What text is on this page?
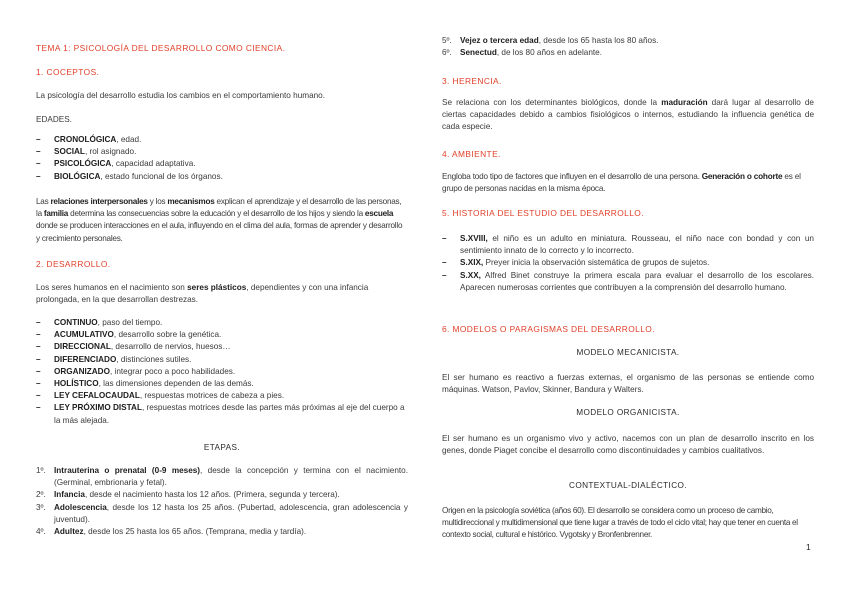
TEMA 1: PSICOLOGÍA DEL DESARROLLO COMO CIENCIA.
1. COCEPTOS.
La psicología del desarrollo estudia los cambios en el comportamiento humano.
EDADES.
– CRONOLÓGICA, edad.
– SOCIAL, rol asignado.
– PSICOLÓGICA, capacidad adaptativa.
– BIOLÓGICA, estado funcional de los órganos.
Las relaciones interpersonales y los mecanismos explican el aprendizaje y el desarrollo de las personas, la familia determina las consecuencias sobre la educación y el desarrollo de los hijos y siendo la escuela donde se producen interacciones en el aula, influyendo en el clima del aula, formas de aprender y desarrollo y crecimiento personales.
2. DESARROLLO.
Los seres humanos en el nacimiento son seres plásticos, dependientes y con una infancia prolongada, en la que desarrollan destrezas.
– CONTINUO, paso del tiempo.
– ACUMULATIVO, desarrollo sobre la genética.
– DIRECCIONAL, desarrollo de nervios, huesos…
– DIFERENCIADO, distinciones sutiles.
– ORGANIZADO, integrar poco a poco habilidades.
– HOLÍSTICO, las dimensiones dependen de las demás.
– LEY CEFALOCAUDAL, respuestas motrices de cabeza a pies.
– LEY PRÓXIMO DISTAL, respuestas motrices desde las partes más próximas al eje del cuerpo a la más alejada.
ETAPAS.
1º. Intrauterina o prenatal (0-9 meses), desde la concepción y termina con el nacimiento. (Germinal, embrionaria y fetal).
2º. Infancia, desde el nacimiento hasta los 12 años. (Primera, segunda y tercera).
3º. Adolescencia, desde los 12 hasta los 25 años. (Pubertad, adolescencia, gran adolescencia y juventud).
4º. Adultez, desde los 25 hasta los 65 años. (Temprana, media y tardía).
5º. Vejez o tercera edad, desde los 65 hasta los 80 años.
6º. Senectud, de los 80 años en adelante.
3. HERENCIA.
Se relaciona con los determinantes biológicos, donde la maduración dará lugar al desarrollo de ciertas capacidades debido a cambios fisiológicos o internos, estudiando la influencia genética de cada especie.
4. AMBIENTE.
Engloba todo tipo de factores que influyen en el desarrollo de una persona. Generación o cohorte es el grupo de personas nacidas en la misma época.
5. HISTORIA DEL ESTUDIO DEL DESARROLLO.
– S.XVIII, el niño es un adulto en miniatura. Rousseau, el niño nace con bondad y con un sentimiento innato de lo correcto y lo incorrecto.
– S.XIX, Preyer inicia la observación sistemática de grupos de sujetos.
– S.XX, Alfred Binet construye la primera escala para evaluar el desarrollo de los escolares. Aparecen numerosas corrientes que contribuyen a la comprensión del desarrollo humano.
6. MODELOS O PARAGISMAS DEL DESARROLLO.
MODELO MECANICISTA.
El ser humano es reactivo a fuerzas externas, el organismo de las personas se entiende como máquinas. Watson, Pavlov, Skinner, Bandura y Walters.
MODELO ORGANICISTA.
El ser humano es un organismo vivo y activo, nacemos con un plan de desarrollo inscrito en los genes, donde Piaget concibe el desarrollo como discontinuidades y cambios cualitativos.
CONTEXTUAL-DIALÉCTICO.
Origen en la psicología soviética (años 60). El desarrollo se considera como un proceso de cambio, multidireccional y multidimensional que tiene lugar a través de todo el ciclo vital; hay que tener en cuenta el contexto social, cultural e histórico. Vygotsky y Bronfenbrenner.
1
